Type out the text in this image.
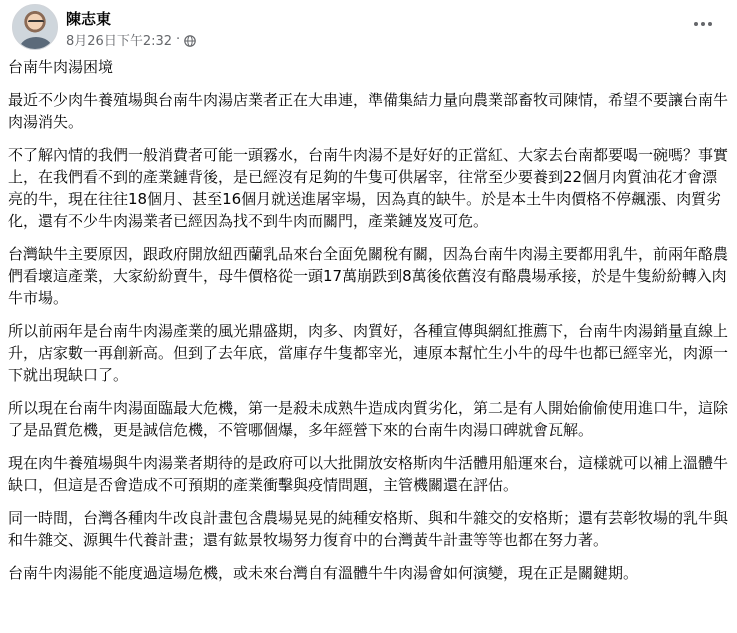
陳志東
8月26日下午2:32 ·

台南牛肉湯困境

最近不少肉牛養殖場與台南牛肉湯店業者正在大串連，準備集結力量向農業部畜牧司陳情，希望不要讓台南牛肉湯消失。

不了解內情的我們一般消費者可能一頭霧水，台南牛肉湯不是好好的正當紅、大家去台南都要喝一碗嗎？事實上，在我們看不到的產業鏈背後，是已經沒有足夠的牛隻可供屠宰，往常至少要養到22個月肉質油花才會漂亮的牛，現在往往18個月、甚至16個月就送進屠宰場，因為真的缺牛。於是本土牛肉價格不停飆漲、肉質劣化，還有不少牛肉湯業者已經因為找不到牛肉而關門，產業鏈岌岌可危。

台灣缺牛主要原因，跟政府開放紐西蘭乳品來台全面免關稅有關，因為台南牛肉湯主要都用乳牛，前兩年酪農們看壞這產業，大家紛紛賣牛，母牛價格從一頭17萬崩跌到8萬後依舊沒有酪農場承接，於是牛隻紛紛轉入肉牛市場。

所以前兩年是台南牛肉湯產業的風光鼎盛期，肉多、肉質好，各種宣傳與網紅推薦下，台南牛肉湯銷量直線上升，店家數一再創新高。但到了去年底，當庫存牛隻都宰光，連原本幫忙生小牛的母牛也都已經宰光，肉源一下就出現缺口了。

所以現在台南牛肉湯面臨最大危機，第一是殺未成熟牛造成肉質劣化，第二是有人開始偷偷使用進口牛，這除了是品質危機，更是誠信危機，不管哪個爆，多年經營下來的台南牛肉湯口碑就會瓦解。

現在肉牛養殖場與牛肉湯業者期待的是政府可以大批開放安格斯肉牛活體用船運來台，這樣就可以補上溫體牛缺口，但這是否會造成不可預期的產業衝擊與疫情問題，主管機關還在評估。

同一時間，台灣各種肉牛改良計畫包含農場晃晃的純種安格斯、與和牛雜交的安格斯；還有芸彰牧場的乳牛與和牛雜交、源興牛代養計畫；還有鈜景牧場努力復育中的台灣黃牛計畫等等也都在努力著。

台南牛肉湯能不能度過這場危機，或未來台灣自有溫體牛牛肉湯會如何演變，現在正是關鍵期。
